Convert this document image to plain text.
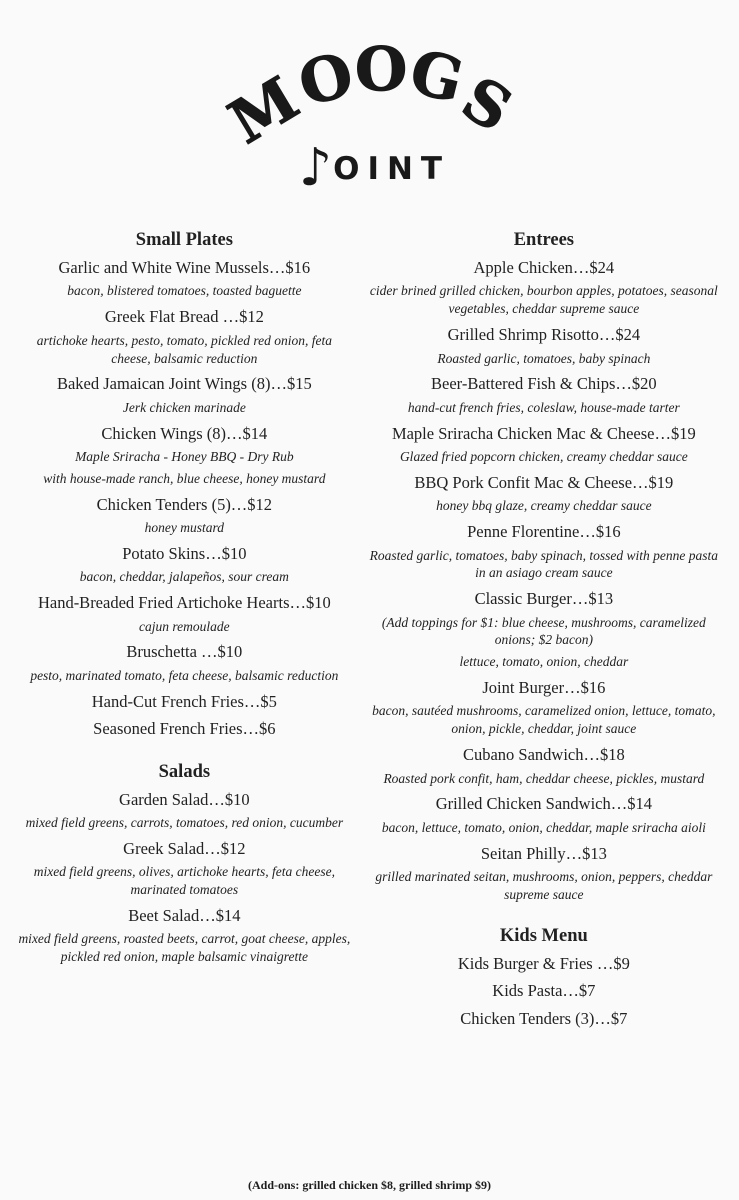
M
O
O
G
S
♪OINT
Small Plates

Garlic and White Wine Mussels…$16

bacon, blistered tomatoes, toasted baguette

Greek Flat Bread …$12

artichoke hearts, pesto, tomato, pickled red onion, feta cheese, balsamic reduction

Baked Jamaican Joint Wings (8)…$15

Jerk chicken marinade

Chicken Wings (8)…$14

Maple Sriracha - Honey BBQ - Dry Rub

with house-made ranch, blue cheese, honey mustard

Chicken Tenders (5)…$12

honey mustard

Potato Skins…$10

bacon, cheddar, jalapeños, sour cream

Hand-Breaded Fried Artichoke Hearts…$10

cajun remoulade

Bruschetta …$10

pesto, marinated tomato, feta cheese, balsamic reduction

Hand-Cut French Fries…$5

Seasoned French Fries…$6

Salads

Garden Salad…$10

mixed field greens, carrots, tomatoes, red onion, cucumber

Greek Salad…$12

mixed field greens, olives, artichoke hearts, feta cheese, marinated tomatoes

Beet Salad…$14

mixed field greens, roasted beets, carrot, goat cheese, apples, pickled red onion, maple balsamic vinaigrette

Entrees

Apple Chicken…$24

cider brined grilled chicken, bourbon apples, potatoes, seasonal vegetables, cheddar supreme sauce

Grilled Shrimp Risotto…$24

Roasted garlic, tomatoes, baby spinach

Beer-Battered Fish & Chips…$20

hand-cut french fries, coleslaw, house-made tarter

Maple Sriracha Chicken Mac & Cheese…$19

Glazed fried popcorn chicken, creamy cheddar sauce

BBQ Pork Confit Mac & Cheese…$19

honey bbq glaze, creamy cheddar sauce

Penne Florentine…$16

Roasted garlic, tomatoes, baby spinach, tossed with penne pasta in an asiago cream sauce

Classic Burger…$13

(Add toppings for $1: blue cheese, mushrooms, caramelized onions; $2 bacon)

lettuce, tomato, onion, cheddar

Joint Burger…$16

bacon, sautéed mushrooms, caramelized onion, lettuce, tomato, onion, pickle, cheddar, joint sauce

Cubano Sandwich…$18

Roasted pork confit, ham, cheddar cheese, pickles, mustard

Grilled Chicken Sandwich…$14

bacon, lettuce, tomato, onion, cheddar, maple sriracha aioli

Seitan Philly…$13

grilled marinated seitan, mushrooms, onion, peppers, cheddar supreme sauce

Kids Menu

Kids Burger & Fries …$9

Kids Pasta…$7

Chicken Tenders (3)…$7

(Add-ons: grilled chicken $8, grilled shrimp $9)
